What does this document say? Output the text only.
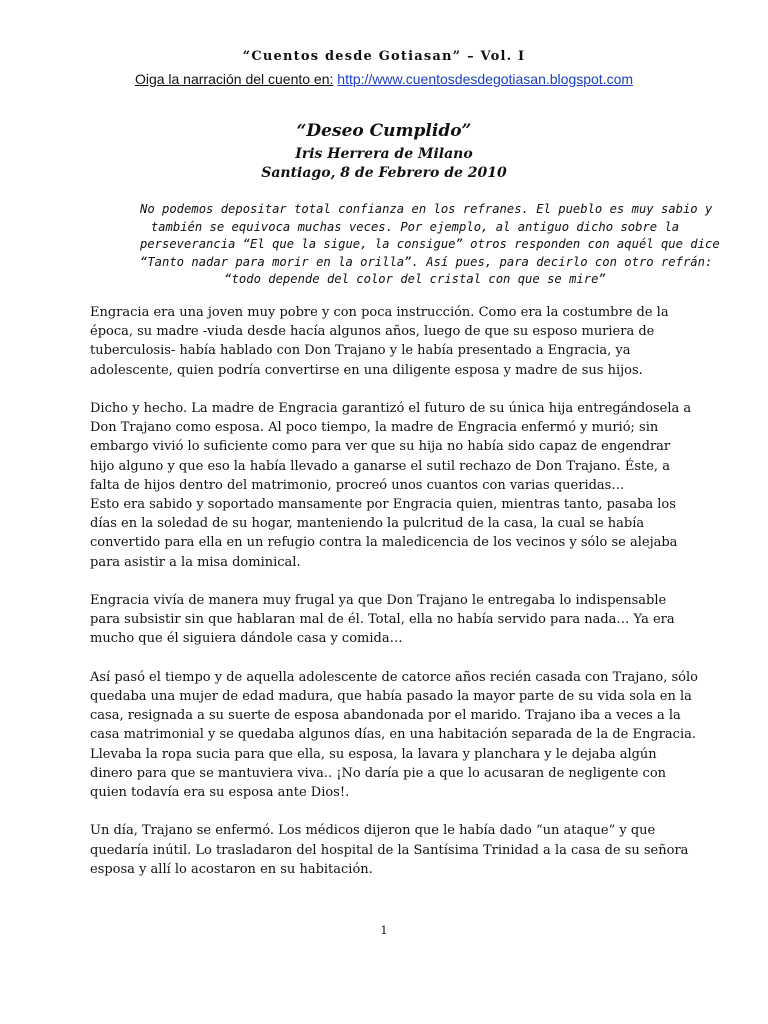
“Cuentos desde Gotiasan” – Vol. I
Oiga la narración del cuento en: http://www.cuentosdesdegotiasan.blogspot.com
“Deseo Cumplido”
Iris Herrera de Milano
Santiago, 8 de Febrero de 2010
No podemos depositar total confianza en los refranes. El pueblo es muy sabio y
también se equivoca muchas veces. Por ejemplo, al antiguo dicho sobre la
perseverancia “El que la sigue, la consigue” otros responden con aquél que dice
“Tanto nadar para morir en la orilla”. Así pues, para decirlo con otro refrán:
“todo depende del color del cristal con que se mire”

Engracia era una joven muy pobre y con poca instrucción. Como era la costumbre de la
época, su madre -viuda desde hacía algunos años, luego de que su esposo muriera de
tuberculosis- había hablado con Don Trajano y le había presentado a Engracia, ya
adolescente, quien podría convertirse en una diligente esposa y madre de sus hijos.

Dicho y hecho. La madre de Engracia garantizó el futuro de su única hija entregándosela a
Don Trajano como esposa. Al poco tiempo, la madre de Engracia enfermó y murió; sin
embargo vivió lo suficiente como para ver que su hija no había sido capaz de engendrar
hijo alguno y que eso la había llevado a ganarse el sutil rechazo de Don Trajano. Éste, a
falta de hijos dentro del matrimonio, procreó unos cuantos con varias queridas…
Esto era sabido y soportado mansamente por Engracia quien, mientras tanto, pasaba los
días en la soledad de su hogar, manteniendo la pulcritud de la casa, la cual se había
convertido para ella en un refugio contra la maledicencia de los vecinos y sólo se alejaba
para asistir a la misa dominical.

Engracia vivía de manera muy frugal ya que Don Trajano le entregaba lo indispensable
para subsistir sin que hablaran mal de él. Total, ella no había servido para nada… Ya era
mucho que él siguiera dándole casa y comida…

Así pasó el tiempo y de aquella adolescente de catorce años recién casada con Trajano, sólo
quedaba una mujer de edad madura, que había pasado la mayor parte de su vida sola en la
casa, resignada a su suerte de esposa abandonada por el marido. Trajano iba a veces a la
casa matrimonial y se quedaba algunos días, en una habitación separada de la de Engracia.
Llevaba la ropa sucia para que ella, su esposa, la lavara y planchara y le dejaba algún
dinero para que se mantuviera viva.. ¡No daría pie a que lo acusaran de negligente con
quien todavía era su esposa ante Dios!.

Un día, Trajano se enfermó. Los médicos dijeron que le había dado “un ataque” y que
quedaría inútil. Lo trasladaron del hospital de la Santísima Trinidad a la casa de su señora
esposa y allí lo acostaron en su habitación.

1
